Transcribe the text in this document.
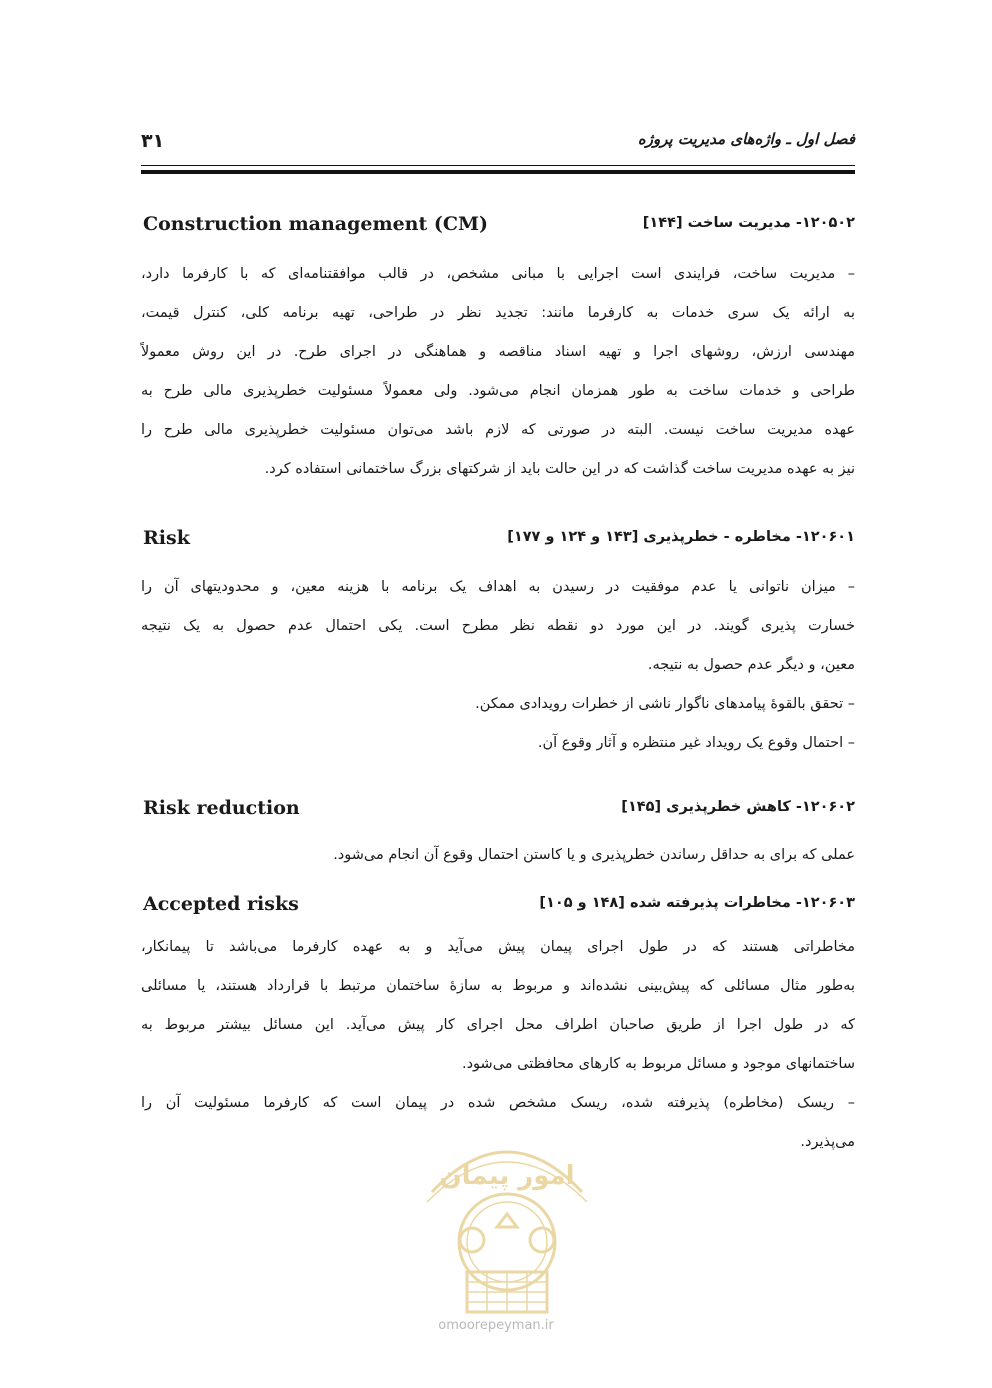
۳۱	فصل اول ـ واژه‌های مدیریت پروژه
Construction management (CM)	۱۲۰۵۰۲- مدیریت ساخت [۱۴۴]
– مدیریت ساخت، فرایندی است اجرایی با مبانی مشخص، در قالب موافقتنامه‌ای که با کارفرما دارد،
به ارائه یک سری خدمات به کارفرما مانند: تجدید نظر در طراحی، تهیه برنامه کلی، کنترل قیمت،
مهندسی ارزش، روشهای اجرا و تهیه اسناد مناقصه و هماهنگی در اجرای طرح. در این روش معمولاً
طراحی و خدمات ساخت به طور همزمان انجام می‌شود. ولی معمولاً مسئولیت خطرپذیری مالی طرح به
عهده مدیریت ساخت نیست. البته در صورتی که لازم باشد می‌توان مسئولیت خطرپذیری مالی طرح را
نیز به عهده مدیریت ساخت گذاشت که در این حالت باید از شرکتهای بزرگ ساختمانی استفاده کرد.
Risk	۱۲۰۶۰۱- مخاطره - خطرپذیری [۱۴۳ و ۱۲۴ و ۱۷۷]
– میزان ناتوانی یا عدم موفقیت در رسیدن به اهداف یک برنامه با هزینه معین، و محدودیتهای آن را
خسارت پذیری گویند. در این مورد دو نقطه نظر مطرح است. یکی احتمال عدم حصول به یک نتیجه
معین، و دیگر عدم حصول به نتیجه.
– تحقق بالقوهٔ پیامدهای ناگوار ناشی از خطرات رویدادی ممکن.
– احتمال وقوع یک رویداد غیر منتظره و آثار وقوع آن.
Risk reduction	۱۲۰۶۰۲- کاهش خطرپذیری [۱۴۵]
عملی که برای به حداقل رساندن خطرپذیری و یا کاستن احتمال وقوع آن انجام می‌شود.
Accepted risks	۱۲۰۶۰۳- مخاطرات پذیرفته شده [۱۴۸ و ۱۰۵]
مخاطراتی هستند که در طول اجرای پیمان پیش می‌آید و به عهده کارفرما می‌باشد تا پیمانکار،
به‌طور مثال مسائلی که پیش‌بینی نشده‌اند و مربوط به سازهٔ ساختمان مرتبط با قرارداد هستند، یا مسائلی
که در طول اجرا از طریق صاحبان اطراف محل اجرای کار پیش می‌آید. این مسائل بیشتر مربوط به
ساختمانهای موجود و مسائل مربوط به کارهای محافظتی می‌شود.
– ریسک (مخاطره) پذیرفته شده، ریسک مشخص شده در پیمان است که کارفرما مسئولیت آن را
می‌پذیرد.
امور پیمان
omoorepeyman.ir
